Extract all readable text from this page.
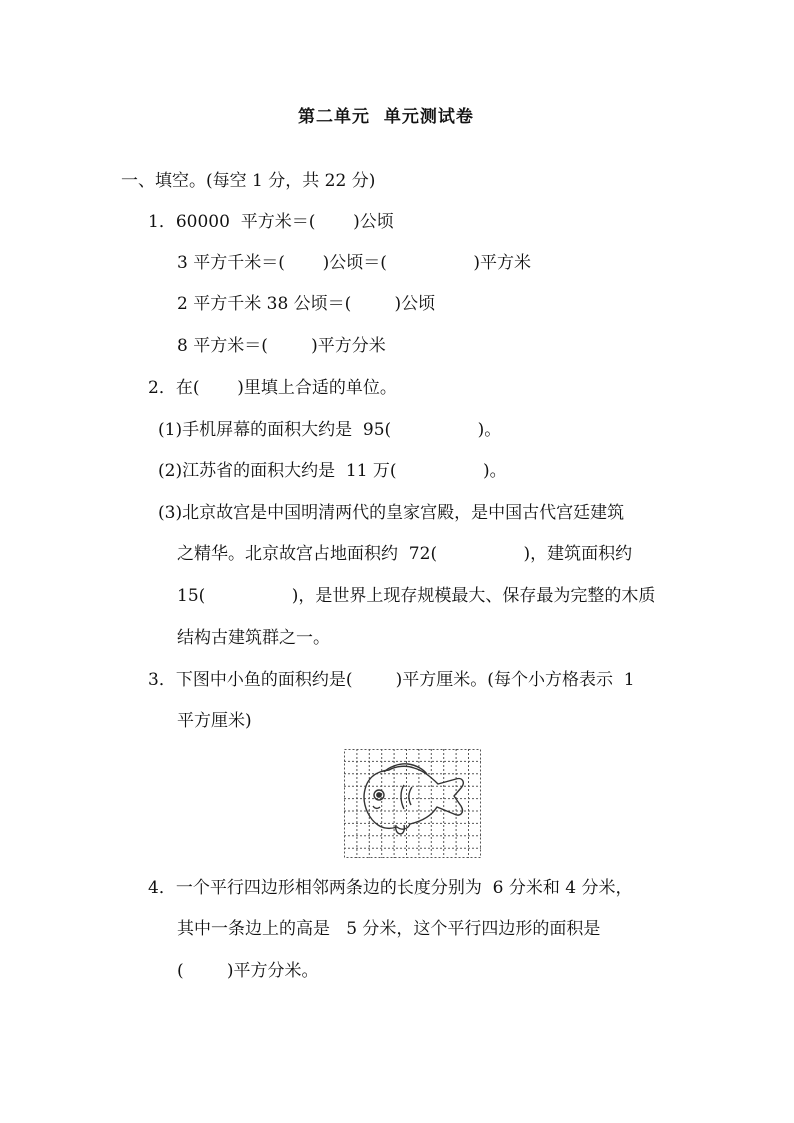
第二单元  单元测试卷
一、填空。(每空 1 分，共 22 分)
1．60000  平方米＝(       )公顷
3 平方千米＝(       )公顷＝(                )平方米
2 平方千米 38 公顷＝(        )公顷
8 平方米＝(        )平方分米
2．在(       )里填上合适的单位。
(1)手机屏幕的面积大约是  95(                )。
(2)江苏省的面积大约是  11 万(                )。
(3)北京故宫是中国明清两代的皇家宫殿，是中国古代宫廷建筑
之精华。北京故宫占地面积约  72(                )，建筑面积约
15(                )，是世界上现存规模最大、保存最为完整的木质
结构古建筑群之一。
3．下图中小鱼的面积约是(        )平方厘米。(每个小方格表示  1
平方厘米)
4．一个平行四边形相邻两条边的长度分别为  6 分米和 4 分米，
其中一条边上的高是   5 分米，这个平行四边形的面积是
(        )平方分米。
